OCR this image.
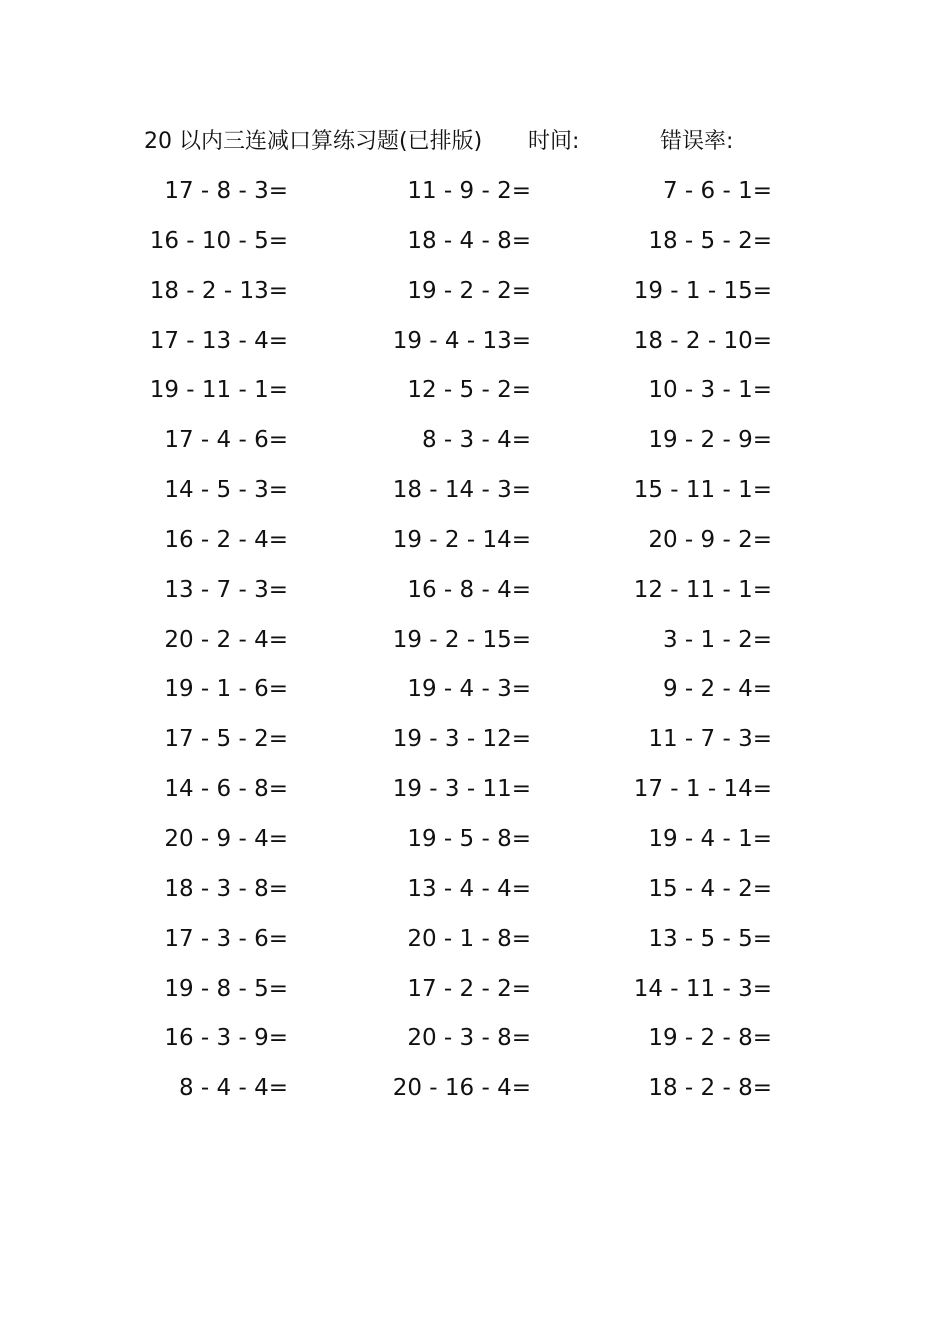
20 以内三连减口算练习题(已排版) 时间:	错误率:
17 - 8 - 3=	11 - 9 - 2=	7 - 6 - 1=
16 - 10 - 5=	18 - 4 - 8=	18 - 5 - 2=
18 - 2 - 13=	19 - 2 - 2=	19 - 1 - 15=
17 - 13 - 4=	19 - 4 - 13=	18 - 2 - 10=
19 - 11 - 1=	12 - 5 - 2=	10 - 3 - 1=
17 - 4 - 6=	8 - 3 - 4=	19 - 2 - 9=
14 - 5 - 3=	18 - 14 - 3=	15 - 11 - 1=
16 - 2 - 4=	19 - 2 - 14=	20 - 9 - 2=
13 - 7 - 3=	16 - 8 - 4=	12 - 11 - 1=
20 - 2 - 4=	19 - 2 - 15=	3 - 1 - 2=
19 - 1 - 6=	19 - 4 - 3=	9 - 2 - 4=
17 - 5 - 2=	19 - 3 - 12=	11 - 7 - 3=
14 - 6 - 8=	19 - 3 - 11=	17 - 1 - 14=
20 - 9 - 4=	19 - 5 - 8=	19 - 4 - 1=
18 - 3 - 8=	13 - 4 - 4=	15 - 4 - 2=
17 - 3 - 6=	20 - 1 - 8=	13 - 5 - 5=
19 - 8 - 5=	17 - 2 - 2=	14 - 11 - 3=
16 - 3 - 9=	20 - 3 - 8=	19 - 2 - 8=
8 - 4 - 4=	20 - 16 - 4=	18 - 2 - 8=
